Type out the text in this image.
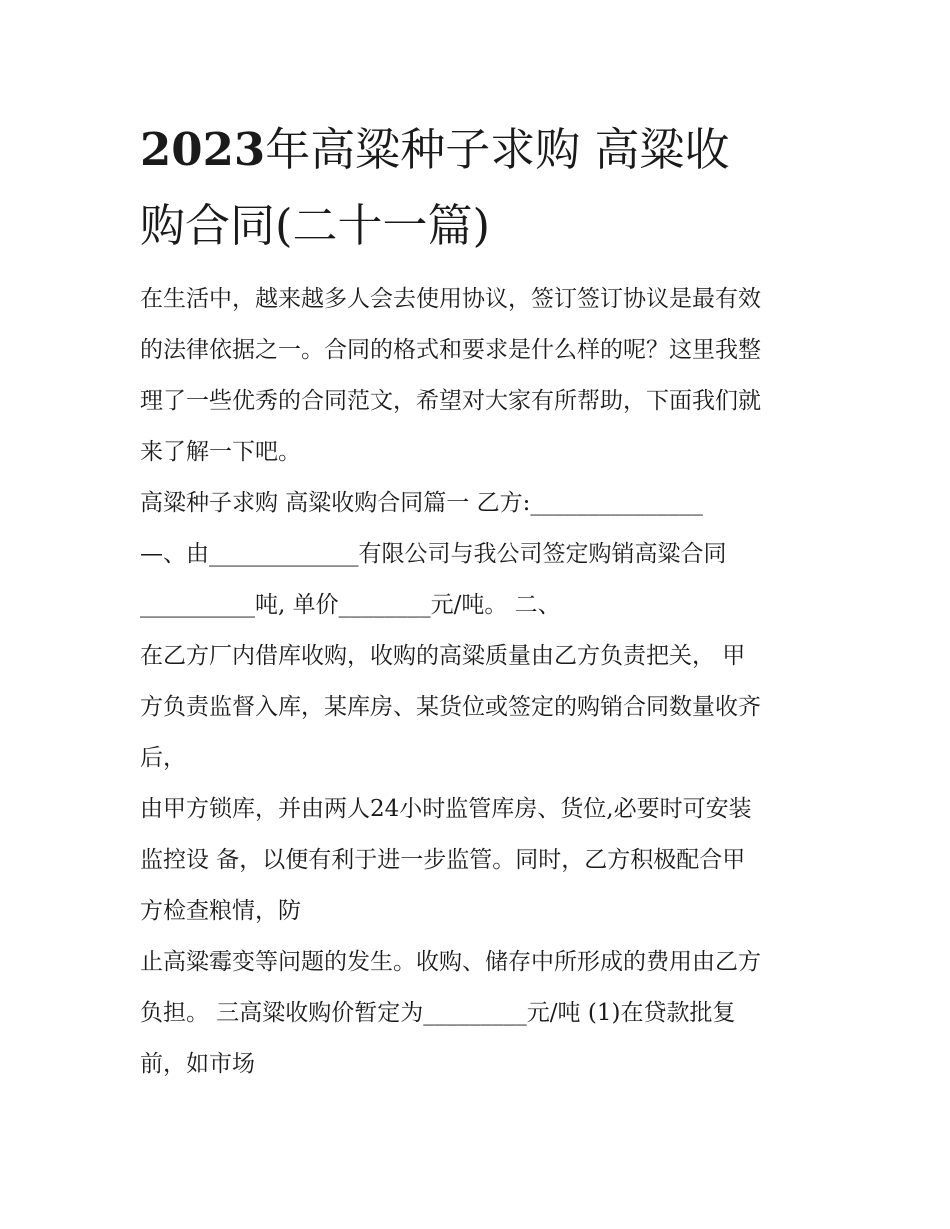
2023年高粱种子求购 高粱收
购合同(二十一篇)

在生活中，越来越多人会去使用协议，签订签订协议是最有效

的法律依据之一。合同的格式和要求是什么样的呢？这里我整

理了一些优秀的合同范文，希望对大家有所帮助，下面我们就

来了解一下吧。

高粱种子求购 高粱收购合同篇一 乙方:_______________

—、由_____________有限公司与我公司签定购销高粱合同

__________吨, 单价________元/吨。 二、

在乙方厂内借库收购，收购的高粱质量由乙方负责把关， 甲

方负责监督入库，某库房、某货位或签定的购销合同数量收齐

后，

由甲方锁库，并由两人24小时监管库房、货位,必要时可安装

监控设 备，以便有利于进一步监管。同时，乙方积极配合甲

方检查粮情，防

止高粱霉变等问题的发生。收购、储存中所形成的费用由乙方

负担。 三高粱收购价暂定为_________元/吨 (1)在贷款批复

前，如市场
